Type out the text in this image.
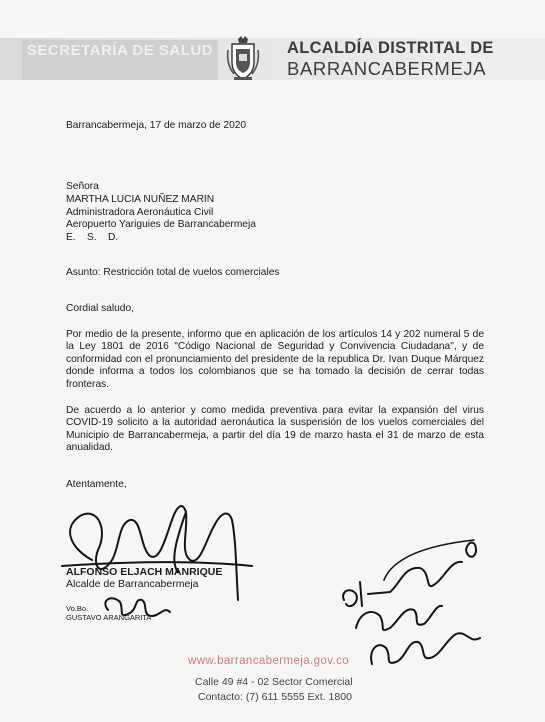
SECRETARÍA DE SALUD	ALCALDÍA DISTRITAL DE
BARRANCABERMEJA
Barrancabermeja, 17 de marzo de 2020
Señora
MARTHA LUCIA NUÑEZ MARIN
Administradora Aeronáutica Civil
Aeropuerto Yariguies de Barrancabermeja
E. S. D.
Asunto: Restricción total de vuelos comerciales
Cordial saludo,
Por medio de la presente, informo que en aplicación de los artículos 14 y 202 numeral 5 de la Ley 1801 de 2016 "Código Nacional de Seguridad y Convivencia Ciudadana", y de conformidad con el pronunciamiento del presidente de la republica Dr. Ivan Duque Márquez donde informa a todos los colombianos que se ha tomado la decisión de cerrar todas fronteras.
De acuerdo a lo anterior y como medida preventiva para evitar la expansión del virus COVID-19 solicito a la autoridad aeronáutica la suspensión de los vuelos comerciales del Municipio de Barrancabermeja, a partir del día 19 de marzo hasta el 31 de marzo de esta anualidad.
Atentamente,
ALFONSO ELJACH MANRIQUE
Alcalde de Barrancabermeja
Vo.Bo.
GUSTAVO ARANGARITA
www.barrancabermeja.gov.co
Calle 49 #4 - 02 Sector Comercial
Contacto: (7) 611 5555 Ext. 1800
